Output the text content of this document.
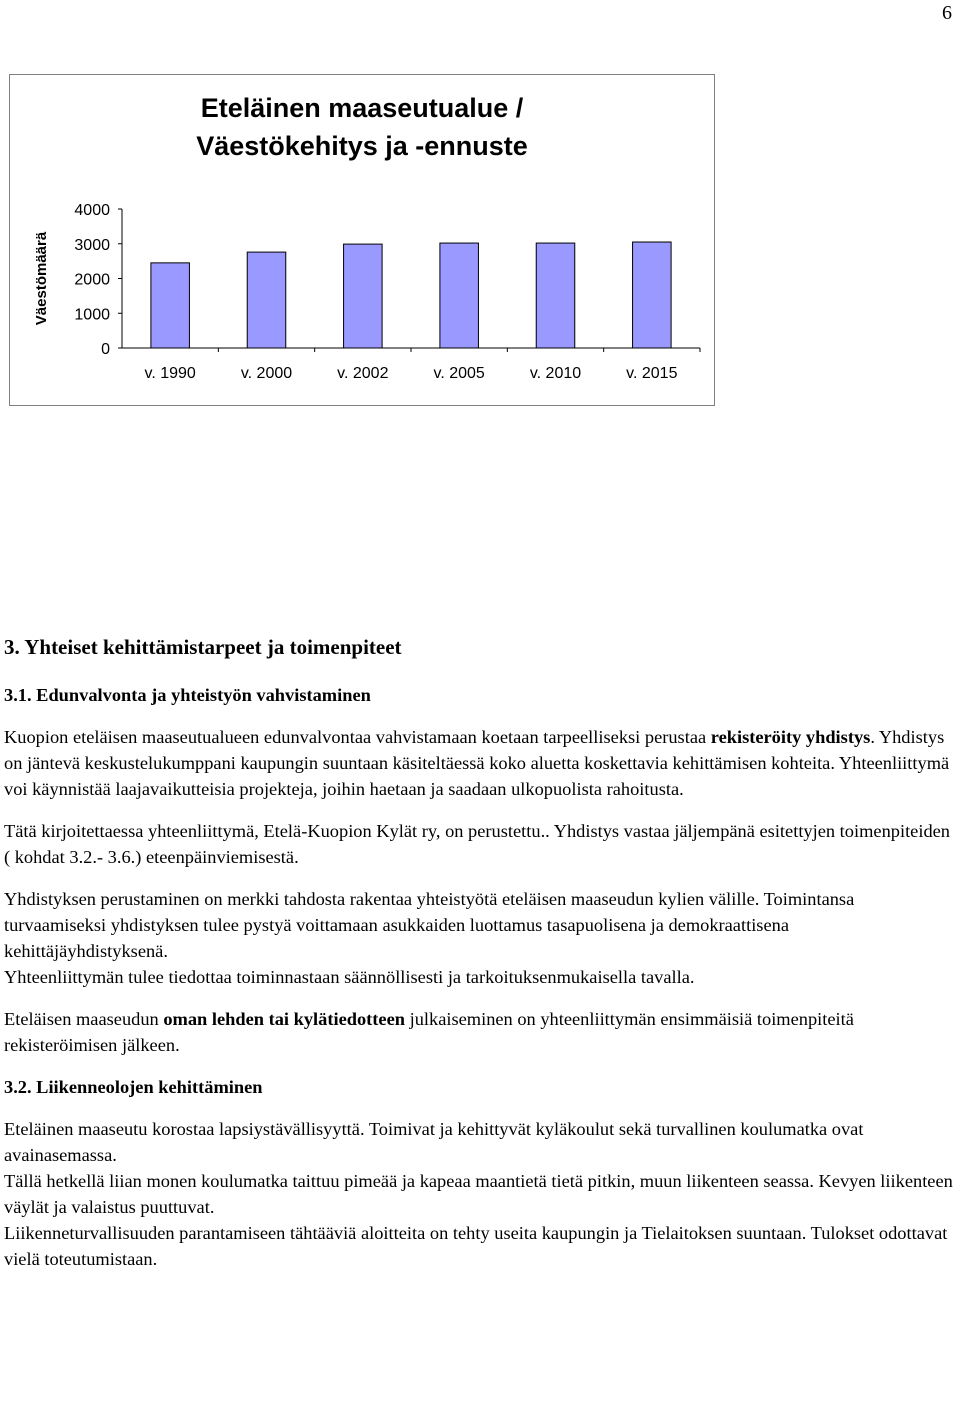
6
Eteläinen maaseutualue /
Väestökehitys ja -ennuste
0
1000
2000
3000
4000
Väestömäärä
v. 1990	v. 2000	v. 2002	v. 2005	v. 2010	v. 2015
3. Yhteiset kehittämistarpeet ja toimenpiteet
3.1. Edunvalvonta ja yhteistyön vahvistaminen

Kuopion eteläisen maaseutualueen edunvalvontaa vahvistamaan koetaan tarpeelliseksi perustaa rekisteröity yhdistys. Yhdistys on jäntevä keskustelukumppani kaupungin suuntaan käsiteltäessä koko aluetta koskettavia kehittämisen kohteita. Yhteenliittymä voi käynnistää laajavaikutteisia projekteja, joihin haetaan ja saadaan ulkopuolista rahoitusta.

Tätä kirjoitettaessa yhteenliittymä, Etelä-Kuopion Kylät ry, on perustettu.. Yhdistys vastaa jäljempänä esitettyjen toimenpiteiden ( kohdat 3.2.- 3.6.) eteenpäinviemisestä.

Yhdistyksen perustaminen on merkki tahdosta rakentaa yhteistyötä eteläisen maaseudun kylien välille. Toimintansa turvaamiseksi yhdistyksen tulee pystyä voittamaan asukkaiden luottamus tasapuolisena ja demokraattisena kehittäjäyhdistyksenä.

Yhteenliittymän tulee tiedottaa toiminnastaan säännöllisesti ja tarkoituksenmukaisella tavalla.

Eteläisen maaseudun oman lehden tai kylätiedotteen julkaiseminen on yhteenliittymän ensimmäisiä toimenpiteitä rekisteröimisen jälkeen.

3.2. Liikenneolojen kehittäminen

Eteläinen maaseutu korostaa lapsiystävällisyyttä. Toimivat ja kehittyvät kyläkoulut sekä turvallinen koulumatka ovat avainasemassa.

Tällä hetkellä liian monen koulumatka taittuu pimeää ja kapeaa maantietä tietä pitkin, muun liikenteen seassa. Kevyen liikenteen väylät ja valaistus puuttuvat.

Liikenneturvallisuuden parantamiseen tähtääviä aloitteita on tehty useita kaupungin ja Tielaitoksen suuntaan. Tulokset odottavat vielä toteutumistaan.
